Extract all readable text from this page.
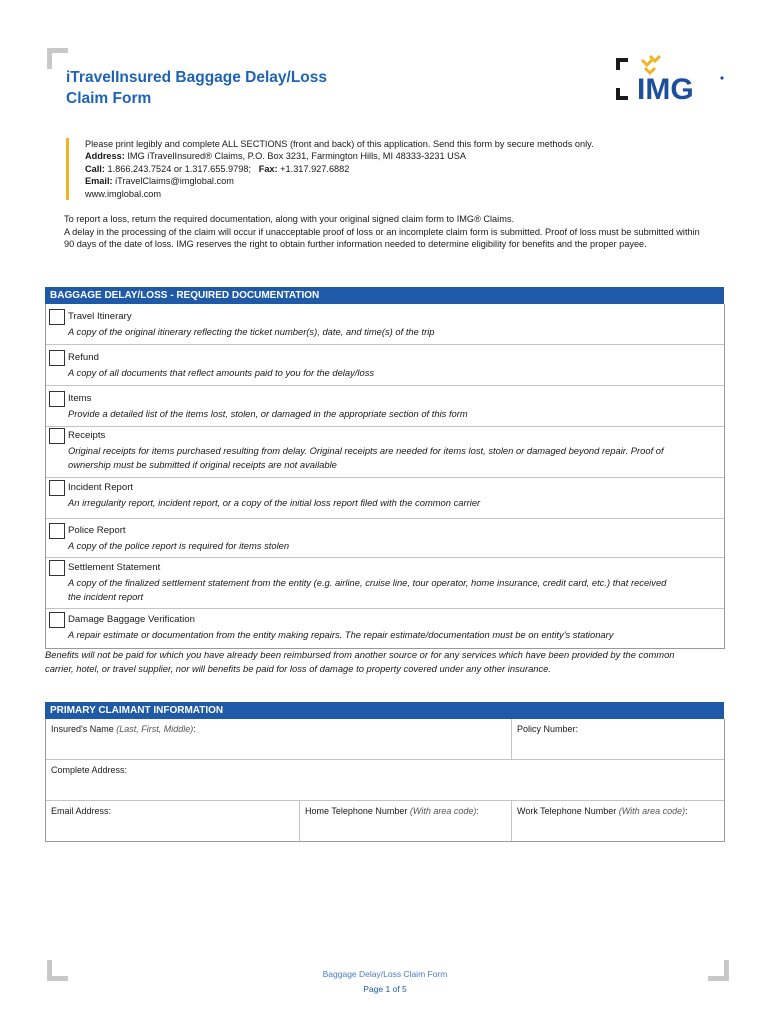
iTravelInsured Baggage Delay/Loss
Claim Form	IMG
Please print legibly and complete ALL SECTIONS (front and back) of this application. Send this form by secure methods only.
Address: IMG iTravelInsured® Claims, P.O. Box 3231, Farmington Hills, MI 48333-3231 USA
Call: 1.866.243.7524 or 1.317.655.9798; Fax: +1.317.927.6882
Email: iTravelClaims@imglobal.com
www.imglobal.com
To report a loss, return the required documentation, along with your original signed claim form to IMG® Claims.
A delay in the processing of the claim will occur if unacceptable proof of loss or an incomplete claim form is submitted. Proof of loss must be submitted within
90 days of the date of loss. IMG reserves the right to obtain further information needed to determine eligibility for benefits and the proper payee.
BAGGAGE DELAY/LOSS - REQUIRED DOCUMENTATION
Travel Itinerary
A copy of the original itinerary reflecting the ticket number(s), date, and time(s) of the trip
Refund
A copy of all documents that reflect amounts paid to you for the delay/loss
Items
Provide a detailed list of the items lost, stolen, or damaged in the appropriate section of this form
Receipts
Original receipts for items purchased resulting from delay. Original receipts are needed for items lost, stolen or damaged beyond repair. Proof of
ownership must be submitted if original receipts are not available
Incident Report
An irregularity report, incident report, or a copy of the initial loss report filed with the common carrier
Police Report
A copy of the police report is required for items stolen
Settlement Statement
A copy of the finalized settlement statement from the entity (e.g. airline, cruise line, tour operator, home insurance, credit card, etc.) that received
the incident report
Damage Baggage Verification
A repair estimate or documentation from the entity making repairs. The repair estimate/documentation must be on entity's stationary
Benefits will not be paid for which you have already been reimbursed from another source or for any services which have been provided by the common
carrier, hotel, or travel supplier, nor will benefits be paid for loss of damage to property covered under any other insurance.
PRIMARY CLAIMANT INFORMATION
Insured's Name (Last, First, Middle):	Policy Number:
Complete Address:
Email Address:	Home Telephone Number (With area code):	Work Telephone Number (With area code):
Baggage Delay/Loss Claim Form
Page 1 of 5
